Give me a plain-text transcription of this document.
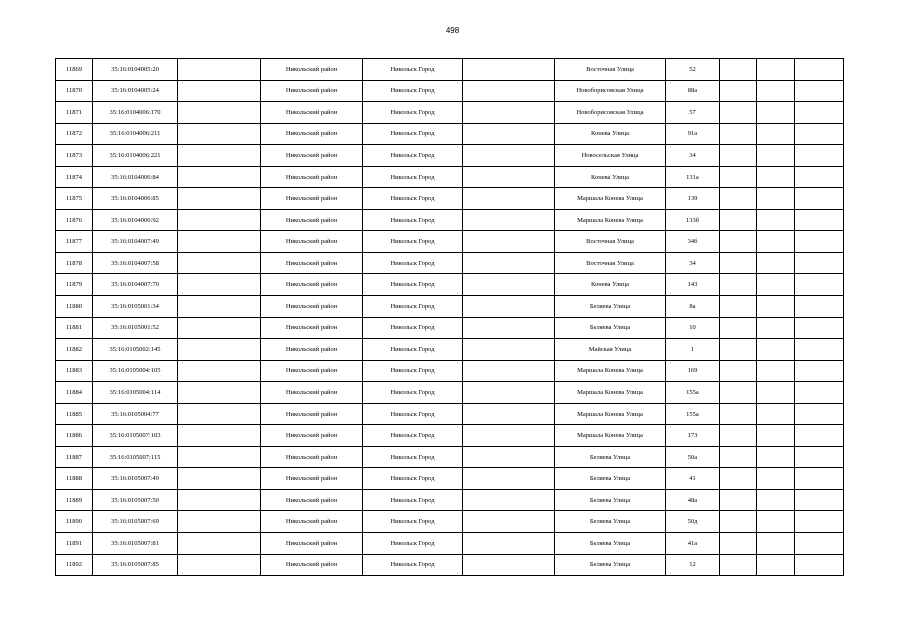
498
11869	35:16:0104005:20		Никольский район	Никольск Город		Восточная Улица	52			
11870	35:16:0104005:24		Никольский район	Никольск Город		Новоборисовская Улица	88а			
11871	35:16:0104006:170		Никольский район	Никольск Город		Новоборисовская Улица	57			
11872	35:16:0104006:211		Никольский район	Никольск Город		Конева Улица	91а			
11873	35:16:0104006:221		Никольский район	Никольск Город		Новосельская Улица	34			
11874	35:16:0104006:84		Никольский район	Никольск Город		Конева Улица	131а			
11875	35:16:0104006:85		Никольский район	Никольск Город		Маршала Конева Улица	139			
11876	35:16:0104006:92		Никольский район	Никольск Город		Маршала Конева Улица	133б			
11877	35:16:0104007:49		Никольский район	Никольск Город		Восточная Улица	34б			
11878	35:16:0104007:58		Никольский район	Никольск Город		Восточная Улица	34			
11879	35:16:0104007:70		Никольский район	Никольск Город		Конева Улица	143			
11880	35:16:0105001:34		Никольский район	Никольск Город		Беляева Улица	8а			
11881	35:16:0105001:52		Никольский район	Никольск Город		Беляева Улица	10			
11882	35:16:0105002:145		Никольский район	Никольск Город		Майская Улица	1			
11883	35:16:0105004:105		Никольский район	Никольск Город		Маршала Конева Улица	169			
11884	35:16:0105004:114		Никольский район	Никольск Город		Маршала Конева Улица	155а			
11885	35:16:0105004:77		Никольский район	Никольск Город		Маршала Конева Улица	155а			
11886	35:16:0105007:103		Никольский район	Никольск Город		Маршала Конева Улица	173			
11887	35:16:0105007:115		Никольский район	Никольск Город		Беляева Улица	50а			
11888	35:16:0105007:49		Никольский район	Никольск Город		Беляева Улица	41			
11889	35:16:0105007:50		Никольский район	Никольск Город		Беляева Улица	48а			
11890	35:16:0105007:69		Никольский район	Никольск Город		Беляева Улица	50д			
11891	35:16:0105007:81		Никольский район	Никольск Город		Беляева Улица	41а			
11892	35:16:0105007:85		Никольский район	Никольск Город		Беляева Улица	12			
